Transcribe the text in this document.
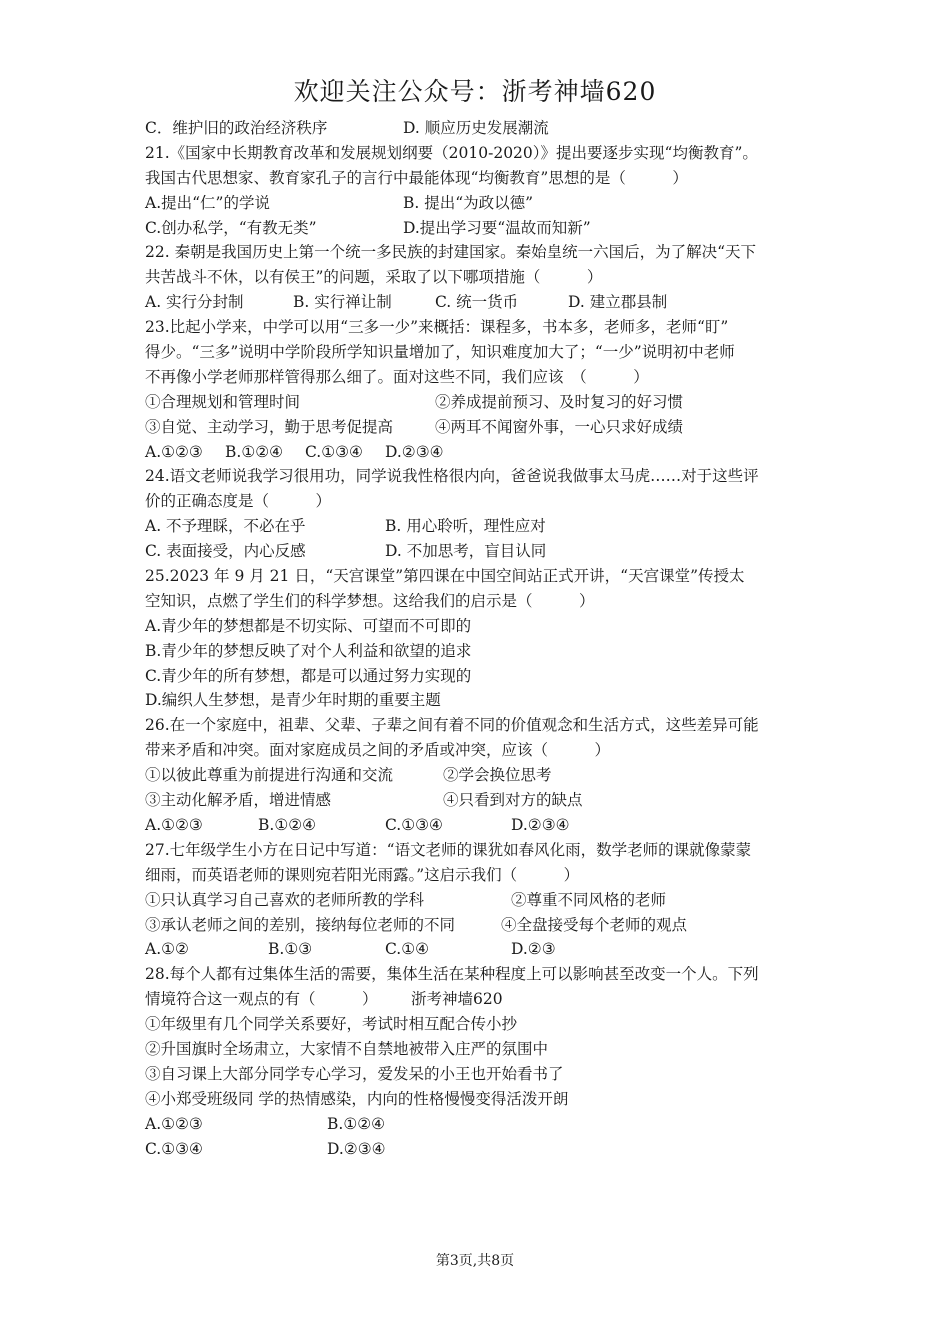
欢迎关注公众号：浙考神墙620
C．维护旧的政治经济秩序	D. 顺应历史发展潮流
21.《国家中长期教育改革和发展规划纲要（2010-2020）》提出要逐步实现“均衡教育”。
我国古代思想家、教育家孔子的言行中最能体现“均衡教育”思想的是（　　　）
A.提出“仁”的学说	B. 提出“为政以德”
C.创办私学，“有教无类”	D.提出学习要“温故而知新”
22. 秦朝是我国历史上第一个统一多民族的封建国家。秦始皇统一六国后，为了解决“天下
共苦战斗不休，以有侯王”的问题，采取了以下哪项措施（　　　）
A. 实行分封制	B. 实行禅让制	C. 统一货币	D. 建立郡县制
23.比起小学来，中学可以用“三多一少”来概括：课程多，书本多，老师多，老师“盯”
得少。“三多”说明中学阶段所学知识量增加了，知识难度加大了；“一少”说明初中老师
不再像小学老师那样管得那么细了。面对这些不同，我们应该　（　　　）
①合理规划和管理时间	②养成提前预习、及时复习的好习惯
③自觉、主动学习，勤于思考促提高	④两耳不闻窗外事，一心只求好成绩
A.①②③ B.①②④ C.①③④ D.②③④
24.语文老师说我学习很用功，同学说我性格很内向，爸爸说我做事太马虎……对于这些评
价的正确态度是（　　　）
A. 不予理睬，不必在乎	B. 用心聆听，理性应对
C. 表面接受，内心反感	D. 不加思考，盲目认同
25.2023 年 9 月 21 日，“天宫课堂”第四课在中国空间站正式开讲，“天宫课堂”传授太
空知识，点燃了学生们的科学梦想。这给我们的启示是（　　　）
A.青少年的梦想都是不切实际、可望而不可即的
B.青少年的梦想反映了对个人利益和欲望的追求
C.青少年的所有梦想，都是可以通过努力实现的
D.编织人生梦想，是青少年时期的重要主题
26.在一个家庭中，祖辈、父辈、子辈之间有着不同的价值观念和生活方式，这些差异可能
带来矛盾和冲突。面对家庭成员之间的矛盾或冲突，应该（　　　）
①以彼此尊重为前提进行沟通和交流	②学会换位思考
③主动化解矛盾，增进情感	④只看到对方的缺点
A.①②③	B.①②④	C.①③④	D.②③④
27.七年级学生小方在日记中写道：“语文老师的课犹如春风化雨，数学老师的课就像蒙蒙
细雨，而英语老师的课则宛若阳光雨露。”这启示我们（　　　）
①只认真学习自己喜欢的老师所教的学科	②尊重不同风格的老师
③承认老师之间的差别，接纳每位老师的不同	④全盘接受每个老师的观点
A.①②	B.①③	C.①④	D.②③
28.每个人都有过集体生活的需要，集体生活在某种程度上可以影响甚至改变一个人。下列
情境符合这一观点的有（　　　） 浙考神墙620
①年级里有几个同学关系要好，考试时相互配合传小抄
②升国旗时全场肃立，大家情不自禁地被带入庄严的氛围中
③自习课上大部分同学专心学习，爱发呆的小王也开始看书了
④小郑受班级同 学的热情感染，内向的性格慢慢变得活泼开朗
A.①②③	B.①②④
C.①③④	D.②③④
第3页,共8页
